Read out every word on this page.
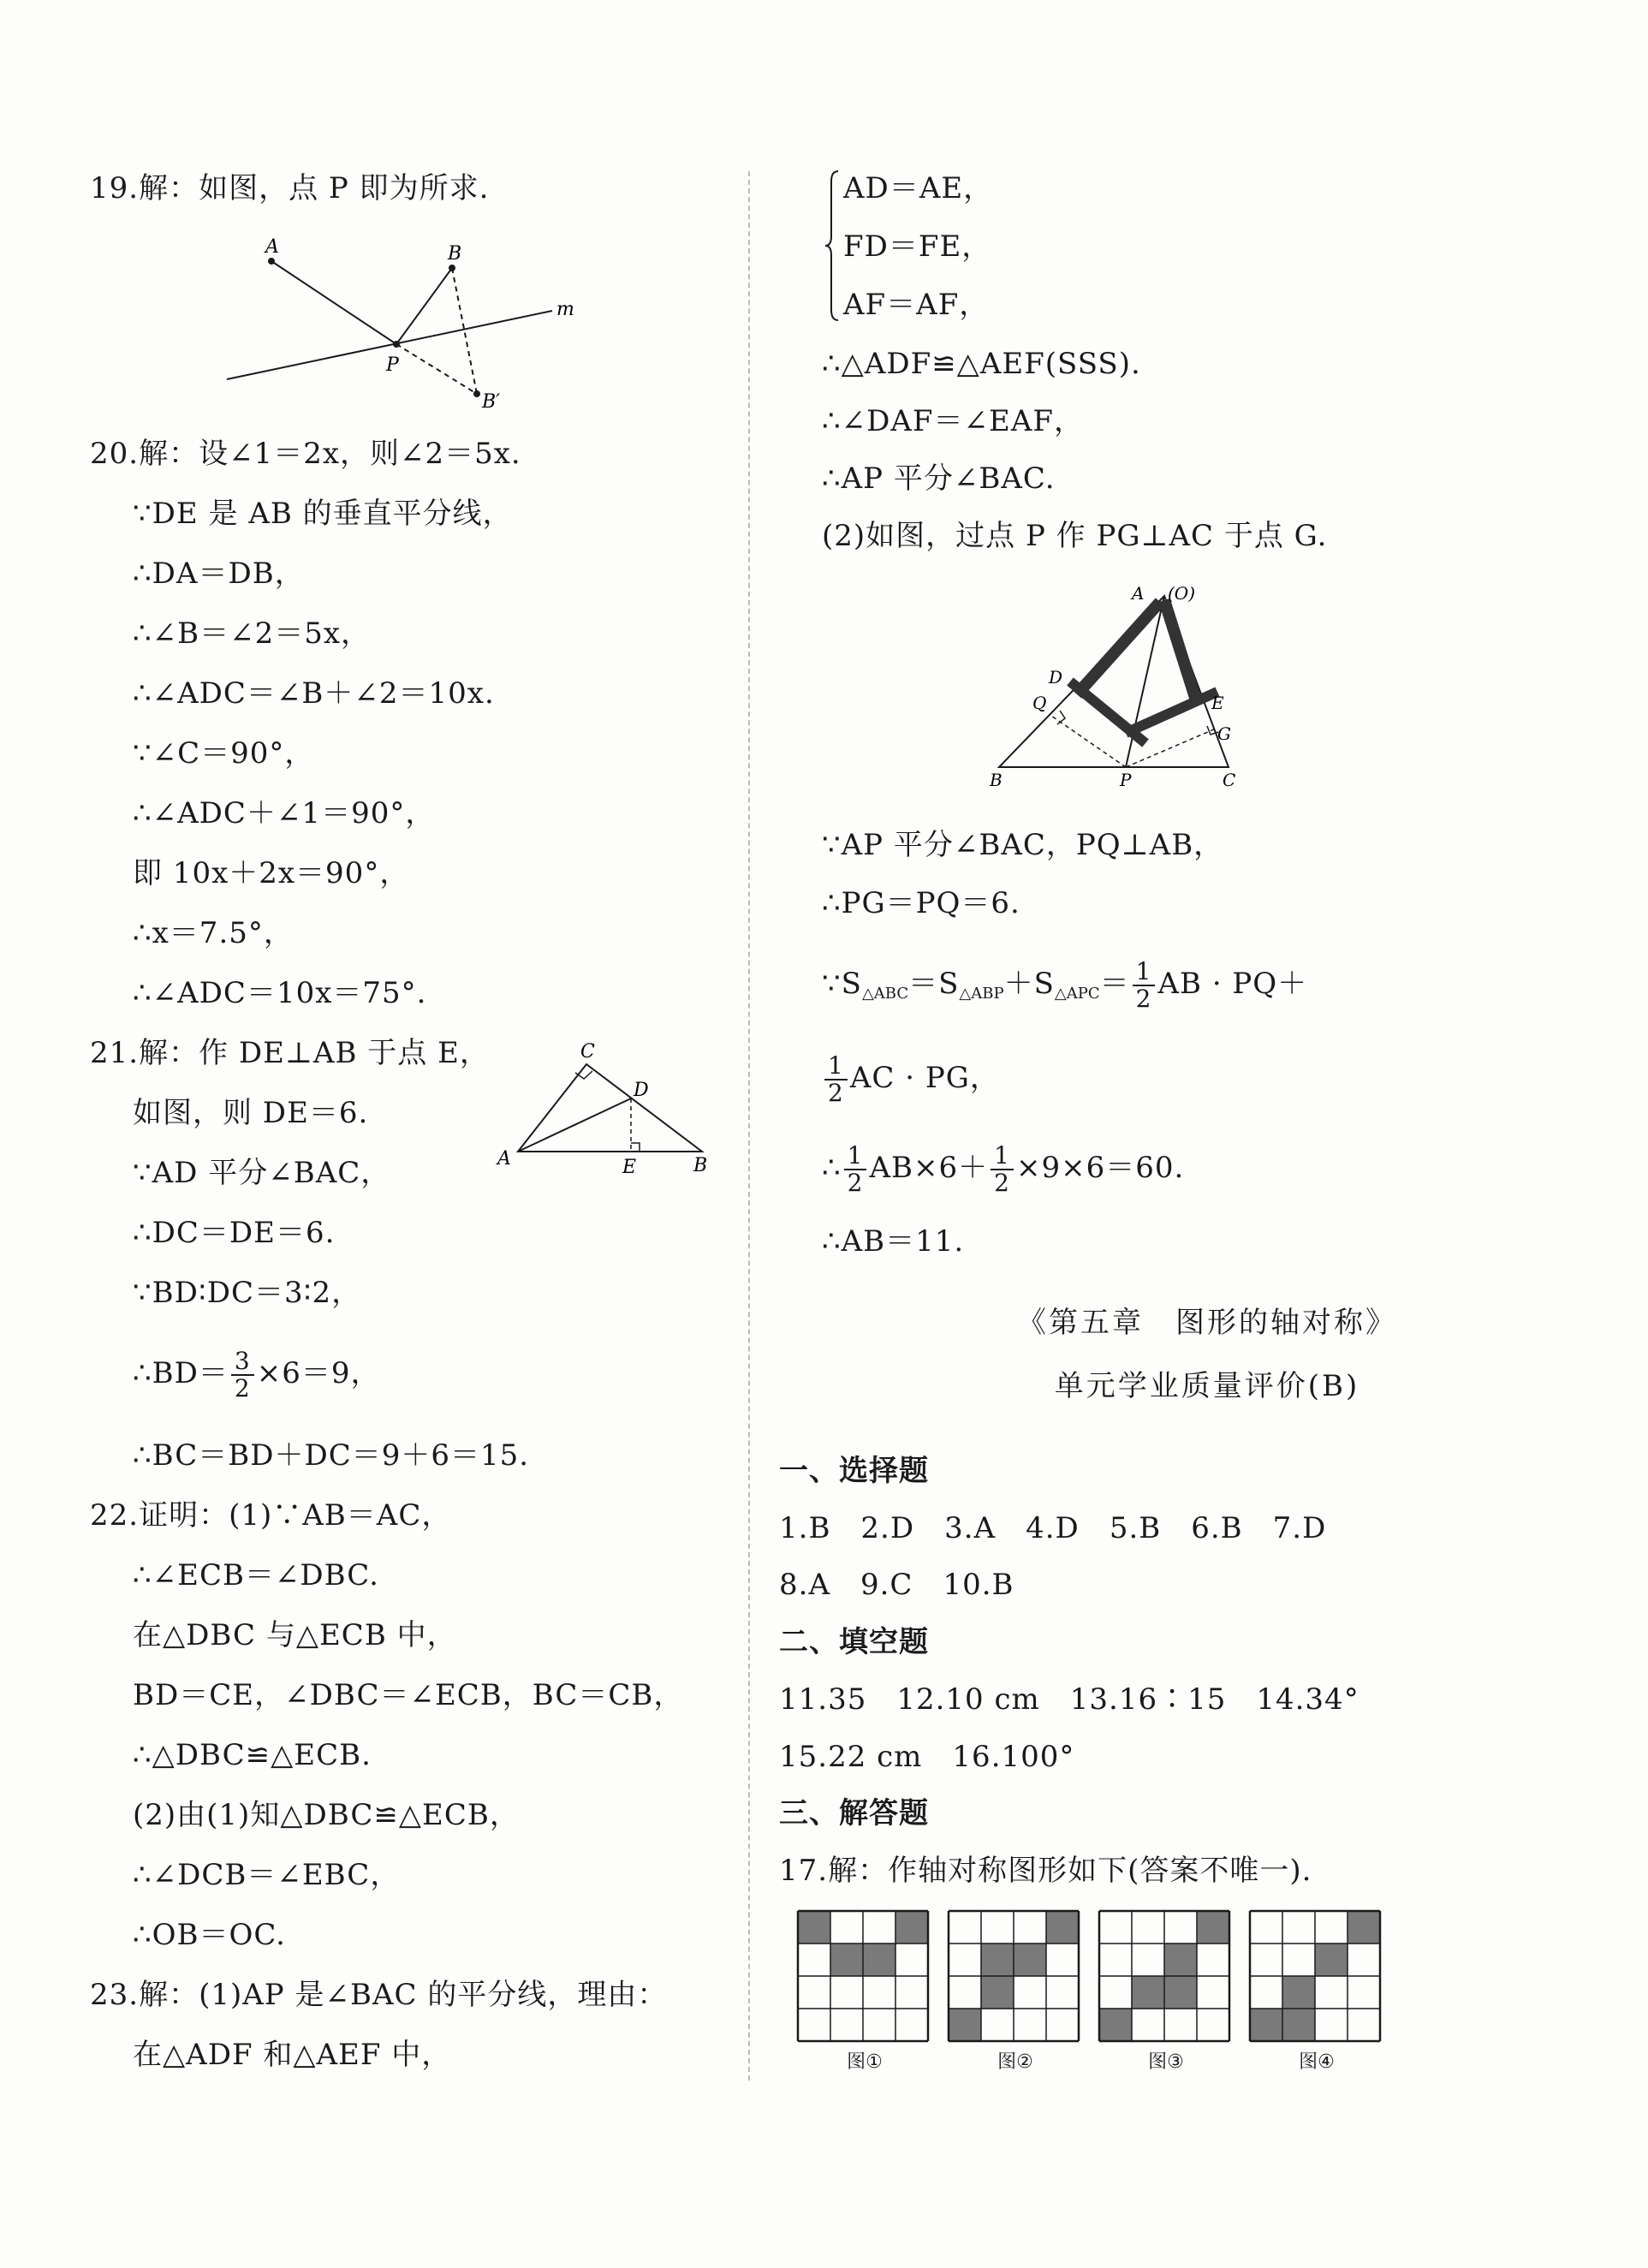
19.解：如图，点 P 即为所求.
A	B
P
B′
m
20.解：设∠1＝2x，则∠2＝5x.
∵DE 是 AB 的垂直平分线，
∴DA＝DB，
∴∠B＝∠2＝5x，
∴∠ADC＝∠B＋∠2＝10x.
∵∠C＝90°，
∴∠ADC＋∠1＝90°，
即 10x＋2x＝90°，
∴x＝7.5°，
∴∠ADC＝10x＝75°.
21.解：作 DE⊥AB 于点 E，
如图，则 DE＝6.
∵AD 平分∠BAC，
∴DC＝DE＝6.
∵BD∶DC＝3∶2，
∴BD＝ $\frac{3}{2} \times 6=9$，
∴BC＝BD＋DC＝9＋6＝15.
A	B
C
D
E
22.证明：(1)∵AB＝AC，
∴∠ECB＝∠DBC.
在△DBC 与△ECB 中，
BD＝CE，∠DBC＝∠ECB，BC＝CB，
∴△DBC≌△ECB.
(2)由(1)知△DBC≌△ECB，
∴∠DCB＝∠EBC，
∴OB＝OC.
23.解：(1)AP 是∠BAC 的平分线，理由：
在△ADF 和△AEF 中，
AD＝AE，
FD＝FE，
AF＝AF，
∴△ADF≌△AEF(SSS).
∴∠DAF＝∠EAF，
∴AP 平分∠BAC.
(2)如图，过点 P 作 PG⊥AC 于点 G.
A (O)
D
E
Q
G
B	P	C
∵AP 平分∠BAC，PQ⊥AB，
∴PG＝PQ＝6.
$\because S_{\triangle ABC}=S_{\triangle ABP}+S_{\triangle APC}= \frac{1}{2}$ AB · PQ＋
$\frac{1}{2}$ AC · PG，
∴ $\frac{1}{2} AB\times 6+ \frac{1}{2} \times 9\times 6=60$.
∴AB＝11.
《第五章　图形的轴对称》
单元学业质量评价(B)
一、选择题
1.B　2.D　3.A　4.D　5.B　6.B　7.D
8.A　9.C　10.B
二、填空题
11.35　12.10 cm　13.16∶15　14.34°
15.22 cm　16.100°
三、解答题
17.解：作轴对称图形如下(答案不唯一).
图①	图②	图③	图④
